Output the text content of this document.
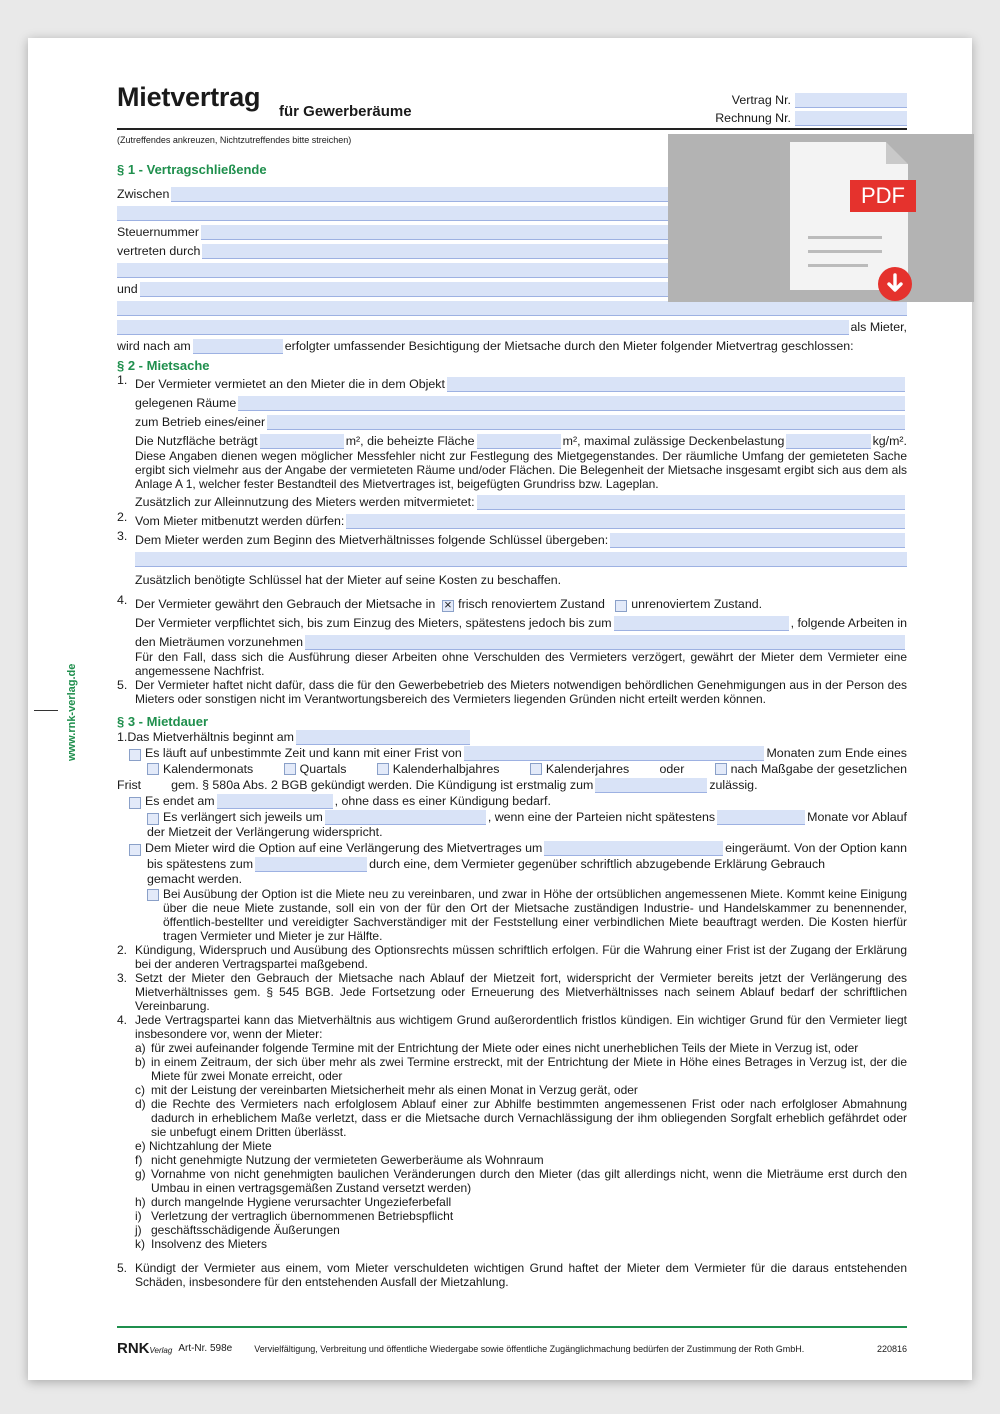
www.rnk-verlag.de
Mietvertrag für Gewerberäume
Vertrag Nr.
Rechnung Nr.
(Zutreffendes ankreuzen, Nichtzutreffendes bitte streichen)
§ 1 - Vertragschließende
Zwischen
Steuernummer
vertreten durch
und
als Mieter,
wird nach am	erfolgter umfassender Besichtigung der Mietsache durch den Mieter folgender Mietvertrag geschlossen:
§ 2 - Mietsache
1. Der Vermieter vermietet an den Mieter die in dem Objekt
gelegenen Räume
zum Betrieb eines/einer
Die Nutzfläche beträgt	m², die beheizte Fläche	m², maximal zulässige Deckenbelastung	kg/m².
Diese Angaben dienen wegen möglicher Messfehler nicht zur Festlegung des Mietgegenstandes. Der räumliche Umfang der gemieteten Sache ergibt sich vielmehr aus der Angabe der vermieteten Räume und/oder Flächen. Die Belegenheit der Mietsache insgesamt ergibt sich aus dem als Anlage A 1, welcher fester Bestandteil des Mietvertrages ist, beigefügten Grundriss bzw. Lageplan.
Zusätzlich zur Alleinnutzung des Mieters werden mitvermietet:
2. Vom Mieter mitbenutzt werden dürfen:
3. Dem Mieter werden zum Beginn des Mietverhältnisses folgende Schlüssel übergeben:
Zusätzlich benötigte Schlüssel hat der Mieter auf seine Kosten zu beschaffen.
4. Der Vermieter gewährt den Gebrauch der Mietsache in

× frisch renoviertem Zustand
unrenoviertem Zustand.
Der Vermieter verpflichtet sich, bis zum Einzug des Mieters, spätestens jedoch bis zum	, folgende Arbeiten in
den Mieträumen vorzunehmen
Für den Fall, dass sich die Ausführung dieser Arbeiten ohne Verschulden des Vermieters verzögert, gewährt der Mieter dem Vermieter eine angemessene Nachfrist.
5. Der Vermieter haftet nicht dafür, dass die für den Gewerbebetrieb des Mieters notwendigen behördlichen Genehmigungen aus in der Person des Mieters oder sonstigen nicht im Verantwortungsbereich des Vermieters liegenden Gründen nicht erteilt werden können.
§ 3 - Mietdauer
1.Das Mietverhältnis beginnt am
Es läuft auf unbestimmte Zeit und kann mit einer Frist von	Monaten zum Ende eines
Kalendermonats	Quartals	Kalenderhalbjahres	Kalenderjahres oder	nach Maßgabe der gesetzlichen
Frist gem. § 580a Abs. 2 BGB gekündigt werden. Die Kündigung ist erstmalig zum	zulässig.
Es endet am	, ohne dass es einer Kündigung bedarf.
Es verlängert sich jeweils um	, wenn eine der Parteien nicht spätestens	Monate vor Ablauf
der Mietzeit der Verlängerung widerspricht.
Dem Mieter wird die Option auf eine Verlängerung des Mietvertrages um	eingeräumt. Von der Option kann
bis spätestens zum	durch eine, dem Vermieter gegenüber schriftlich abzugebende Erklärung Gebrauch
gemacht werden.
Bei Ausübung der Option ist die Miete neu zu vereinbaren, und zwar in Höhe der ortsüblichen angemessenen Miete. Kommt keine Einigung über die neue Miete zustande, soll ein von der für den Ort der Mietsache zuständigen Industrie- und Handelskammer zu benennender, öffentlich-bestellter und vereidigter Sachverständiger mit der Feststellung einer verbindlichen Miete beauftragt werden. Die Kosten hierfür tragen Vermieter und Mieter je zur Hälfte.
2. Kündigung, Widerspruch und Ausübung des Optionsrechts müssen schriftlich erfolgen. Für die Wahrung einer Frist ist der Zugang der Erklärung bei der anderen Vertragspartei maßgebend.
3. Setzt der Mieter den Gebrauch der Mietsache nach Ablauf der Mietzeit fort, widerspricht der Vermieter bereits jetzt der Verlängerung des Mietverhältnisses gem. § 545 BGB. Jede Fortsetzung oder Erneuerung des Mietverhältnisses nach seinem Ablauf bedarf der schriftlichen Vereinbarung.
4. Jede Vertragspartei kann das Mietverhältnis aus wichtigem Grund außerordentlich fristlos kündigen. Ein wichtiger Grund für den Vermieter liegt insbesondere vor, wenn der Mieter:
a) für zwei aufeinander folgende Termine mit der Entrichtung der Miete oder eines nicht unerheblichen Teils der Miete in Verzug ist, oder
b) in einem Zeitraum, der sich über mehr als zwei Termine erstreckt, mit der Entrichtung der Miete in Höhe eines Betrages in Verzug ist, der die Miete für zwei Monate erreicht, oder
c) mit der Leistung der vereinbarten Mietsicherheit mehr als einen Monat in Verzug gerät, oder
d) die Rechte des Vermieters nach erfolglosem Ablauf einer zur Abhilfe bestimmten angemessenen Frist oder nach erfolgloser Abmahnung dadurch in erheblichem Maße verletzt, dass er die Mietsache durch Vernachlässigung der ihm obliegenden Sorgfalt erheblich gefährdet oder sie unbefugt einem Dritten überlässt.
e) Nichtzahlung der Miete
f) nicht genehmigte Nutzung der vermieteten Gewerberäume als Wohnraum
g) Vornahme von nicht genehmigten baulichen Veränderungen durch den Mieter (das gilt allerdings nicht, wenn die Mieträume erst durch den Umbau in einen vertragsgemäßen Zustand versetzt werden)
h) durch mangelnde Hygiene verursachter Ungezieferbefall
i) Verletzung der vertraglich übernommenen Betriebspflicht
j) geschäftsschädigende Äußerungen
k) Insolvenz des Mieters
5. Kündigt der Vermieter aus einem, vom Mieter verschuldeten wichtigen Grund haftet der Mieter dem Vermieter für die daraus entstehenden Schäden, insbesondere für den entstehenden Ausfall der Mietzahlung.
RNKVerlag Art-Nr. 598e Vervielfältigung, Verbreitung und öffentliche Wiedergabe sowie öffentliche Zugänglichmachung bedürfen der Zustimmung der Roth GmbH.	220816
PDF
